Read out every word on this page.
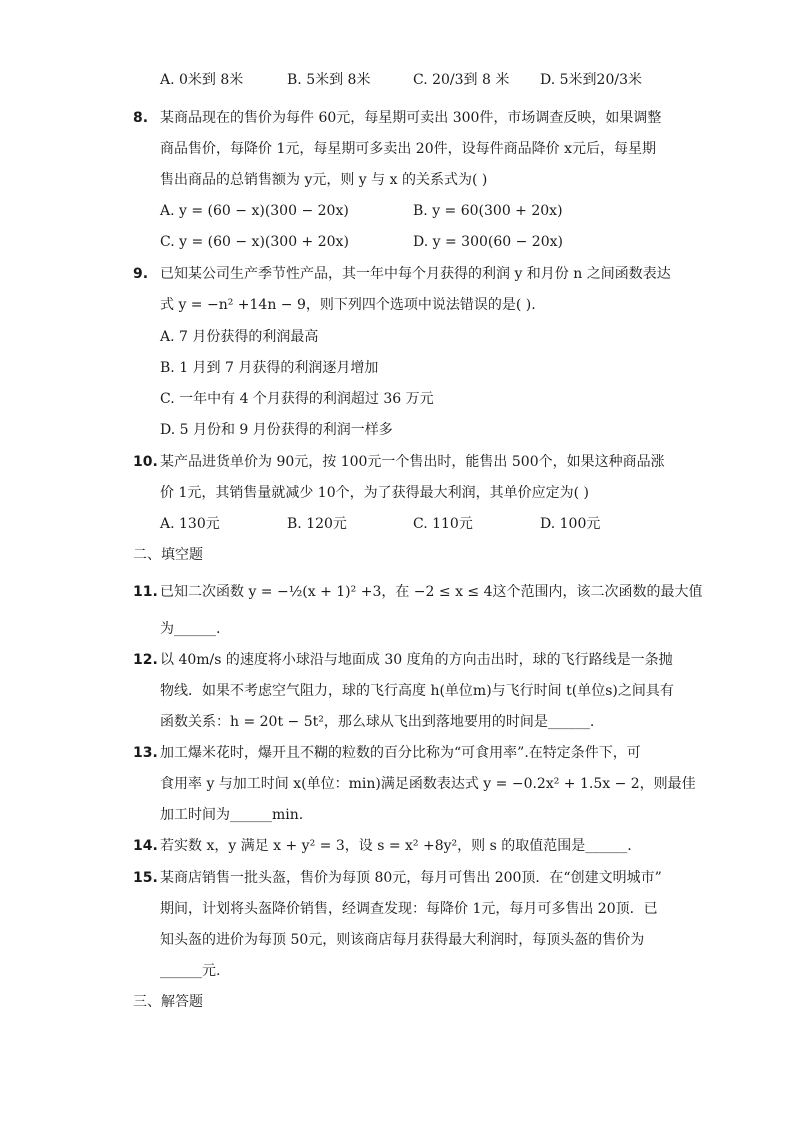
A. 0米到 8米	B. 5米到 8米	C. 20/3到 8 米 D. 5米到20/3米
8. 某商品现在的售价为每件 60元，每星期可卖出 300件，市场调查反映，如果调整
商品售价，每降价 1元，每星期可多卖出 20件，设每件商品降价 x元后，每星期
售出商品的总销售额为 y元，则 y 与 x 的关系式为( )
A. y = (60 − x)(300 − 20x)	B. y = 60(300 + 20x)
C. y = (60 − x)(300 + 20x)	D. y = 300(60 − 20x)
9. 已知某公司生产季节性产品，其一年中每个月获得的利润 y 和月份 n 之间函数表达
式 y = −n² +14n − 9，则下列四个选项中说法错误的是( ).
A. 7 月份获得的利润最高
B. 1 月到 7 月获得的利润逐月增加
C. 一年中有 4 个月获得的利润超过 36 万元
D. 5 月份和 9 月份获得的利润一样多
10. 某产品进货单价为 90元，按 100元一个售出时，能售出 500个，如果这种商品涨
价 1元，其销售量就减少 10个，为了获得最大利润，其单价应定为( )
A. 130元	B. 120元	C. 110元	D. 100元
二、填空题
11. 已知二次函数 y = −½(x + 1)² +3，在 −2 ≤ x ≤ 4这个范围内，该二次函数的最大值
为______.
12. 以 40m/s 的速度将小球沿与地面成 30 度角的方向击出时，球的飞行路线是一条抛
物线．如果不考虑空气阻力，球的飞行高度 h(单位m)与飞行时间 t(单位s)之间具有
函数关系：h = 20t − 5t²，那么球从飞出到落地要用的时间是______.
13. 加工爆米花时，爆开且不糊的粒数的百分比称为“可食用率”.在特定条件下，可
食用率 y 与加工时间 x(单位：min)满足函数表达式 y = −0.2x² + 1.5x − 2，则最佳
加工时间为______min.
14. 若实数 x，y 满足 x + y² = 3，设 s = x² +8y²，则 s 的取值范围是______.
15. 某商店销售一批头盔，售价为每顶 80元，每月可售出 200顶．在“创建文明城市”
期间，计划将头盔降价销售，经调查发现：每降价 1元，每月可多售出 20顶．已
知头盔的进价为每顶 50元，则该商店每月获得最大利润时，每顶头盔的售价为
______元.
三、解答题
